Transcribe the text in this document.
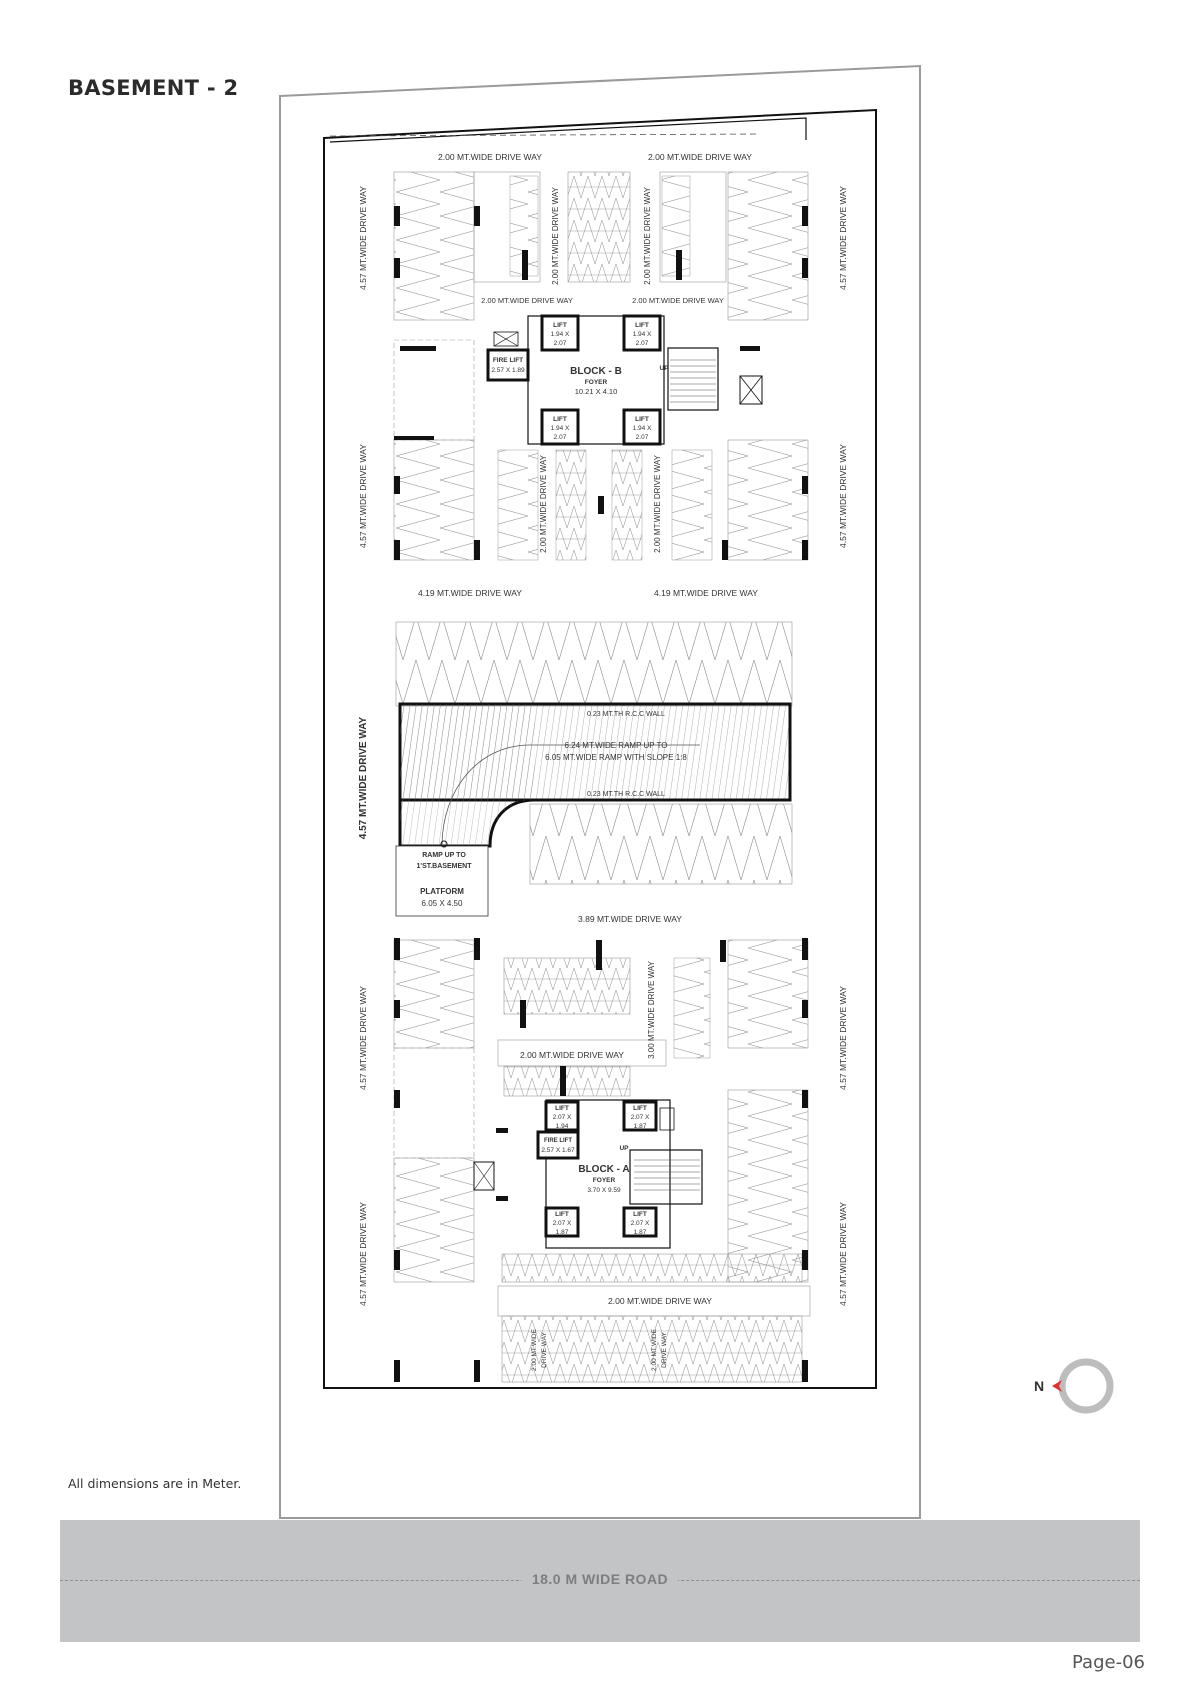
BASEMENT - 2
2.00 MT.WIDE DRIVE WAY	2.00 MT.WIDE DRIVE WAY
4.57 MT.WIDE DRIVE WAY
4.57 MT.WIDE DRIVE WAY
4.57 MT.WIDE DRIVE WAY
4.57 MT.WIDE DRIVE WAY
4.57 MT.WIDE DRIVE WAY
4.57 MT.WIDE DRIVE WAY
4.57 MT.WIDE DRIVE WAY
4.57 MT.WIDE DRIVE WAY
4.57 MT.WIDE DRIVE WAY
2.00 MT.WIDE DRIVE WAY	2.00 MT.WIDE DRIVE WAY
2.00 MT.WIDE DRIVE WAY	2.00 MT.WIDE DRIVE WAY
2.00 MT.WIDE DRIVE WAY	2.00 MT.WIDE DRIVE WAY
LIFT
1.94 X
2.07
LIFT
1.94 X
2.07
LIFT
1.94 X
2.07
LIFT
1.94 X
2.07
FIRE LIFT
2.57 X 1.89	BLOCK - B
FOYER
10.21 X 4.10
UP
4.19 MT.WIDE DRIVE WAY	4.19 MT.WIDE DRIVE WAY
0.23 MT.TH R.C.C WALL
6.24 MT.WIDE RAMP UP TO
6.05 MT.WIDE RAMP WITH SLOPE 1:8
0.23 MT.TH R.C.C WALL
RAMP UP TO
1'ST.BASEMENT
PLATFORM
6.05 X 4.50
3.89 MT.WIDE DRIVE WAY
2.00 MT.WIDE DRIVE WAY	3.00 MT.WIDE DRIVE WAY
LIFT
2.07 X
1.94
LIFT
2.07 X
1.87
LIFT
2.07 X
1.87
LIFT
2.07 X
1.87
FIRE LIFT
2.57 X 1.67
BLOCK - A
FOYER
3.70 X 9.59
UP
2.00 MT.WIDE DRIVE WAY
2.00 MT.WIDE DRIVE WAY	2.00 MT.WIDE DRIVE WAY
N
All dimensions are in Meter.
18.0 M WIDE ROAD
Page-06
